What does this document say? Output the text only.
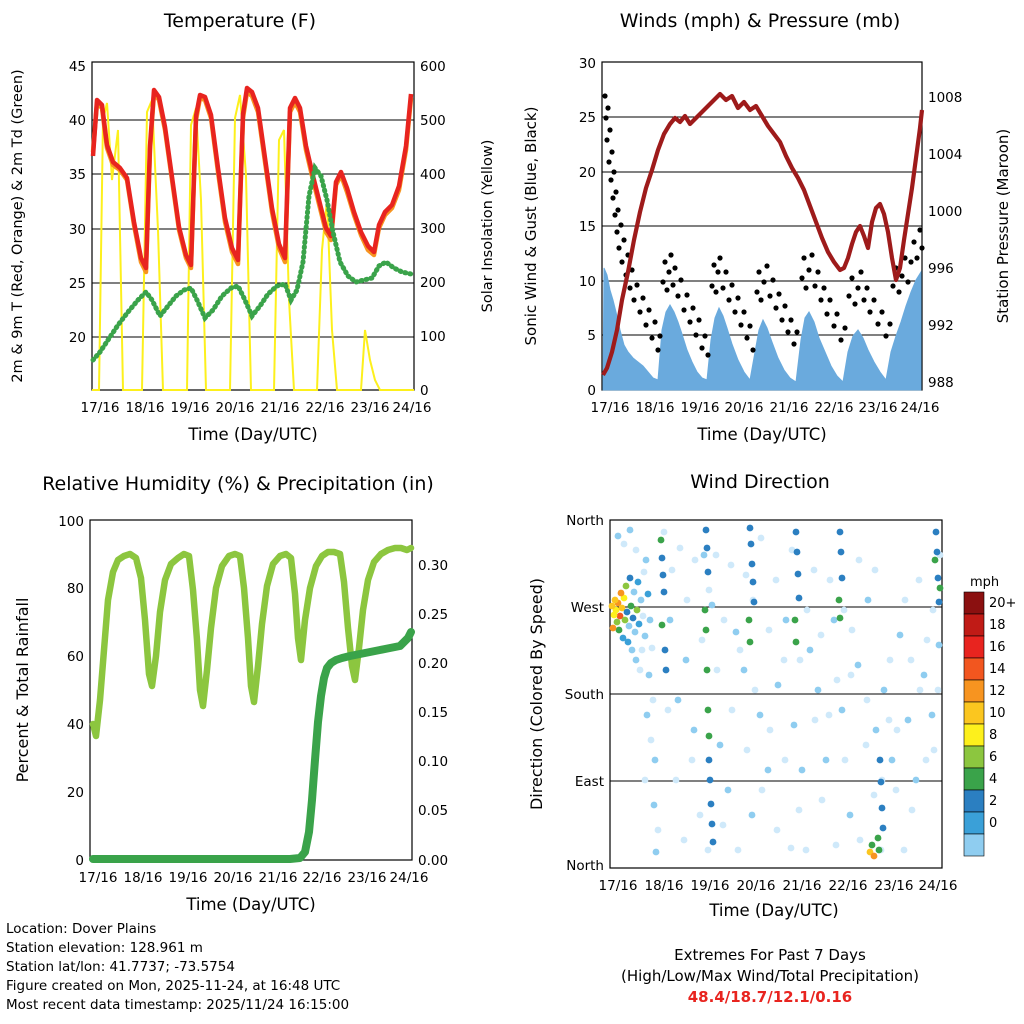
Temperature (F)
20
25
30
35
40
45
0
100
200
300
400
500
600
17/16 18/16 19/16 20/16 21/16 22/16 23/16 24/16
Time (Day/UTC)
2m & 9m T (Red, Orange) & 2m Td (Green)	Solar Insolation (Yellow)
Winds (mph) & Pressure (mb)
0
5
10
15
20
25
30
988
992
996
1000
1004
1008
17/16 18/16 19/16 20/16 21/16 22/16 23/16 24/16
Time (Day/UTC)
Sonic Wind & Gust (Blue, Black)	Station Pressure (Maroon)
Relative Humidity (%) & Precipitation (in)
0
20
40
60
80
100
0.00
0.05
0.10
0.15
0.20
0.25
0.30
17/16 18/16 19/16 20/16 21/16 22/16 23/16 24/16
Time (Day/UTC)
Percent & Total Rainfall
Wind Direction
North
West
South
East
North
17/16 18/16 19/16 20/16 21/16 22/16 23/16 24/16
Time (Day/UTC)
Direction (Colored By Speed)	mph
20+
18
16
14
12
10
8
6
4
2
0
Location: Dover Plains
Station elevation: 128.961 m
Station lat/lon: 41.7737; -73.5754
Figure created on Mon, 2025-11-24, at 16:48 UTC
Most recent data timestamp: 2025/11/24 16:15:00
Extremes For Past 7 Days
(High/Low/Max Wind/Total Precipitation)
48.4/18.7/12.1/0.16
